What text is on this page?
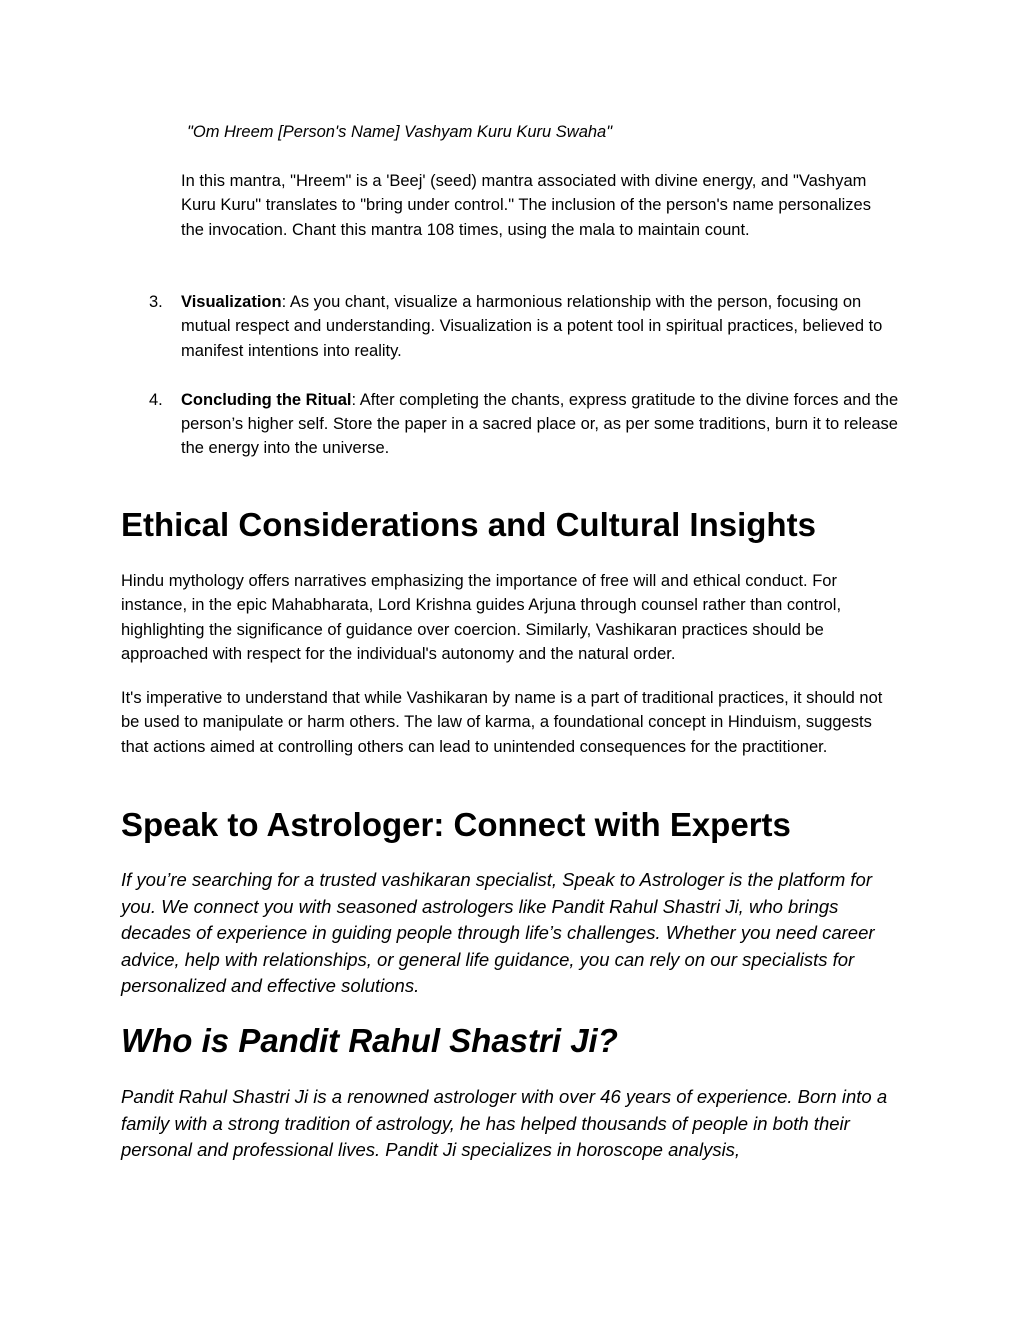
"Om Hreem [Person's Name] Vashyam Kuru Kuru Swaha"

In this mantra, "Hreem" is a 'Beej' (seed) mantra associated with divine energy, and "Vashyam Kuru Kuru" translates to "bring under control." The inclusion of the person's name personalizes the invocation. Chant this mantra 108 times, using the mala to maintain count.

3.	Visualization: As you chant, visualize a harmonious relationship with the person, focusing on mutual respect and understanding. Visualization is a potent tool in spiritual practices, believed to manifest intentions into reality.
4.	Concluding the Ritual: After completing the chants, express gratitude to the divine forces and the person’s higher self. Store the paper in a sacred place or, as per some traditions, burn it to release the energy into the universe.
Ethical Considerations and Cultural Insights

Hindu mythology offers narratives emphasizing the importance of free will and ethical conduct. For instance, in the epic Mahabharata, Lord Krishna guides Arjuna through counsel rather than control, highlighting the significance of guidance over coercion. Similarly, Vashikaran practices should be approached with respect for the individual's autonomy and the natural order.

It's imperative to understand that while Vashikaran by name is a part of traditional practices, it should not be used to manipulate or harm others. The law of karma, a foundational concept in Hinduism, suggests that actions aimed at controlling others can lead to unintended consequences for the practitioner.

Speak to Astrologer: Connect with Experts

If you’re searching for a trusted vashikaran specialist, Speak to Astrologer is the platform for you. We connect you with seasoned astrologers like Pandit Rahul Shastri Ji, who brings decades of experience in guiding people through life’s challenges. Whether you need career advice, help with relationships, or general life guidance, you can rely on our specialists for personalized and effective solutions.

Who is Pandit Rahul Shastri Ji?

Pandit Rahul Shastri Ji is a renowned astrologer with over 46 years of experience. Born into a family with a strong tradition of astrology, he has helped thousands of people in both their personal and professional lives. Pandit Ji specializes in horoscope analysis,
